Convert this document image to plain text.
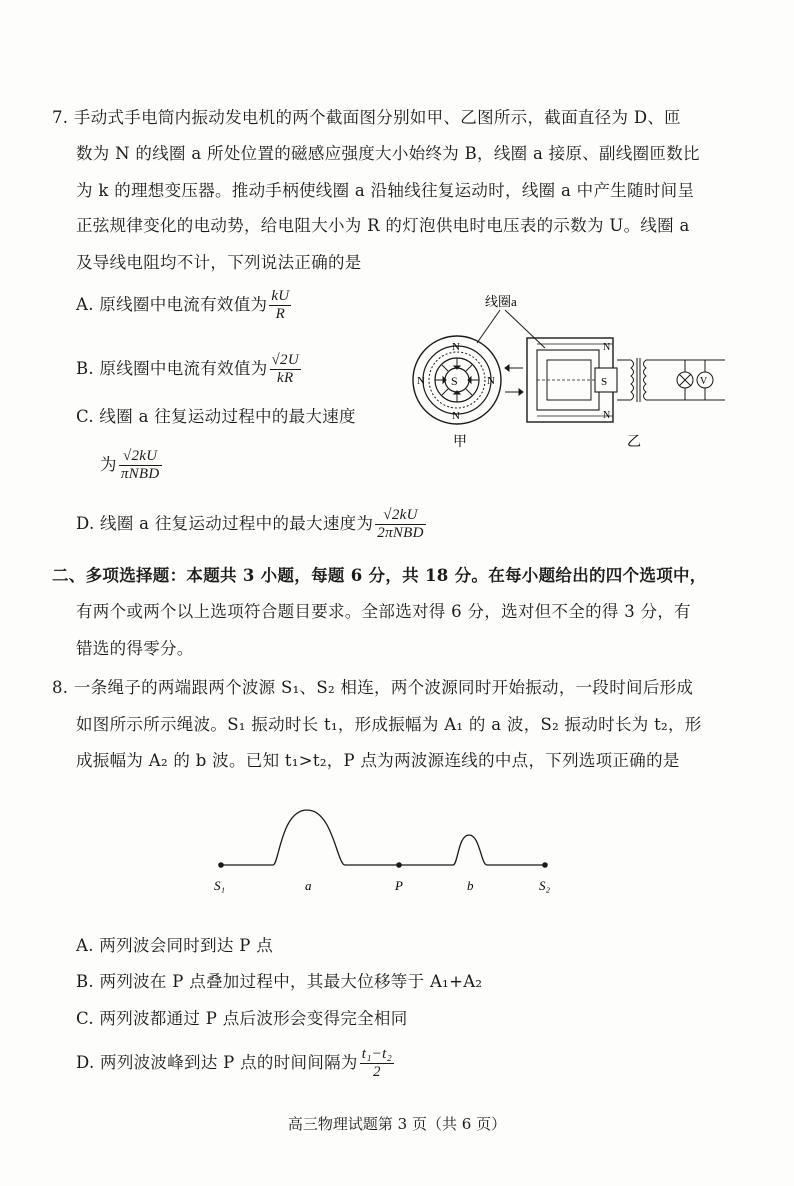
7. 手动式手电筒内振动发电机的两个截面图分别如甲、乙图所示，截面直径为 D、匝
数为 N 的线圈 a 所处位置的磁感应强度大小始终为 B，线圈 a 接原、副线圈匝数比
为 k 的理想变压器。推动手柄使线圈 a 沿轴线往复运动时，线圈 a 中产生随时间呈
正弦规律变化的电动势，给电阻大小为 R 的灯泡供电时电压表的示数为 U。线圈 a
及导线电阻均不计，下列说法正确的是
A. 原线圈中电流有效值为 $\frac{kU}{R}$
B. 原线圈中电流有效值为 $\frac{√2U}{kR}$
C. 线圈 a 往复运动过程中的最大速度
为 $\frac{√2kU}{\text{πNBD}}$
D. 线圈 a 往复运动过程中的最大速度为 $\frac{√2kU}{\text{2πNBD}}$
线圈a
S
N
N
N	N
甲
S
N
N
V
乙
二、多项选择题：本题共 3 小题，每题 6 分，共 18 分。在每小题给出的四个选项中，
有两个或两个以上选项符合题目要求。全部选对得 6 分，选对但不全的得 3 分，有
错选的得零分。
8. 一条绳子的两端跟两个波源 S₁、S₂ 相连，两个波源同时开始振动，一段时间后形成
如图所示所示绳波。S₁ 振动时长 t₁，形成振幅为 A₁ 的 a 波，S₂ 振动时长为 t₂，形
成振幅为 A₂ 的 b 波。已知 t₁>t₂，P 点为两波源连线的中点，下列选项正确的是
S₁	a	P	b	S₂
A. 两列波会同时到达 P 点
B. 两列波在 P 点叠加过程中，其最大位移等于 A₁+A₂
C. 两列波都通过 P 点后波形会变得完全相同
D. 两列波波峰到达 P 点的时间间隔为 $\frac{\text{t₁−t₂}}{2}$
高三物理试题第 3 页（共 6 页）
